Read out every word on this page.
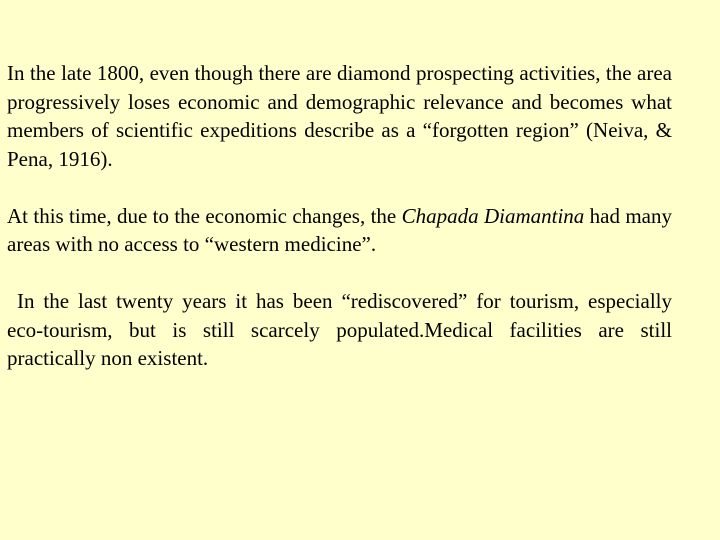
In the late 1800, even though there are diamond prospecting activities, the area progressively loses economic and demographic relevance and becomes what members of scientific expeditions describe as a “forgotten region” (Neiva, & Pena, 1916).

At this time, due to the economic changes, the Chapada Diamantina had many areas with no access to “western medicine”.

In the last twenty years it has been “rediscovered” for tourism, especially eco-tourism, but is still scarcely populated.Medical facilities are still practically non existent.
